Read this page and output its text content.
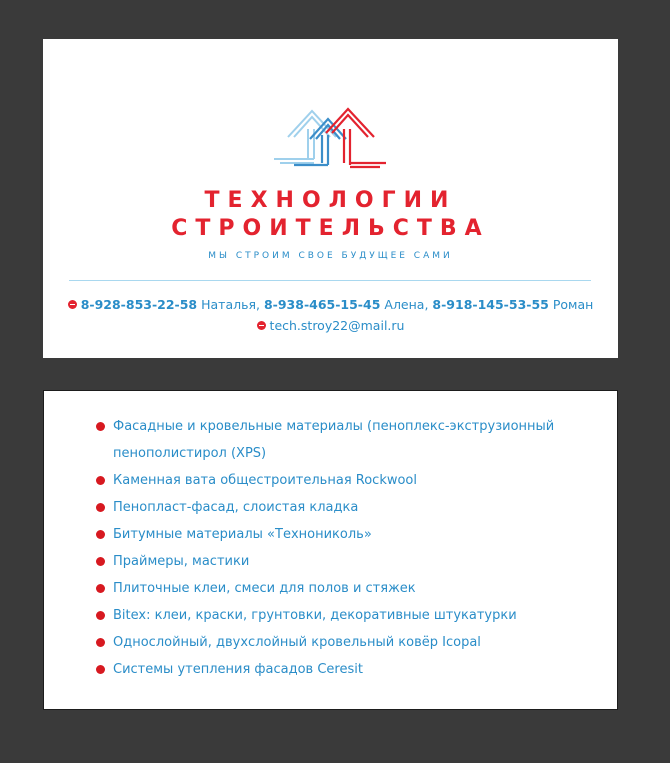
ТЕХНОЛОГИИ
СТРОИТЕЛЬСТВА
МЫ СТРОИМ СВОЕ БУДУЩЕЕ САМИ
8-928-853-22-58 Наталья, 8-938-465-15-45 Алена, 8-918-145-53-55 Роман
tech.stroy22@mail.ru
Фасадные и кровельные материалы (пеноплекс-экструзионный пенополистирол (XPS)
Каменная вата общестроительная Rockwool
Пенопласт-фасад, слоистая кладка
Битумные материалы «Технониколь»
Праймеры, мастики
Плиточные клеи, смеси для полов и стяжек
Bitex: клеи, краски, грунтовки, декоративные штукатурки
Однослойный, двухслойный кровельный ковёр Icopal
Системы утепления фасадов Ceresit
